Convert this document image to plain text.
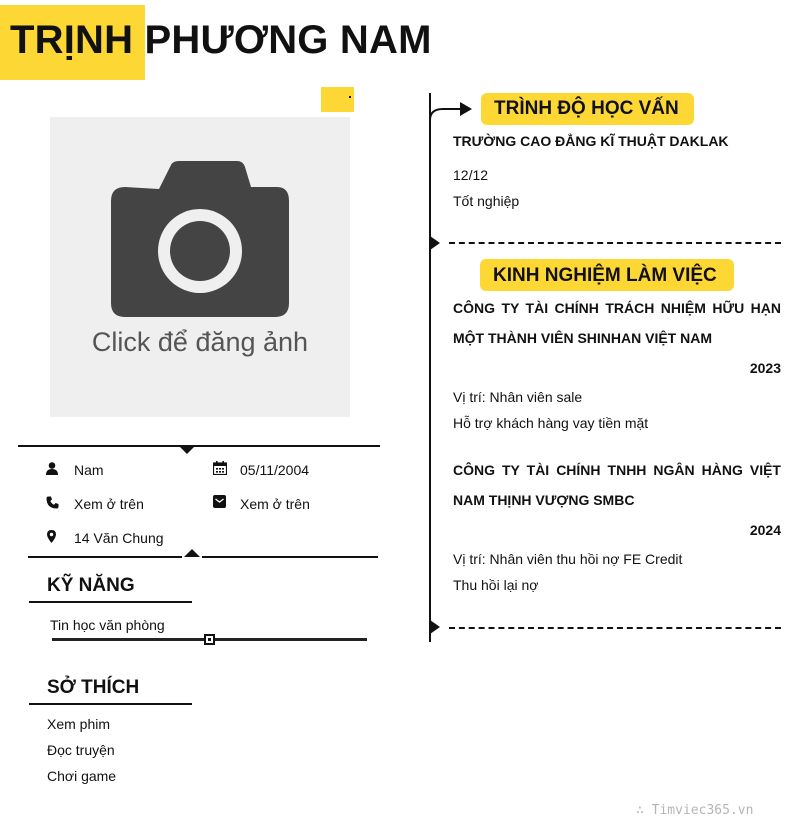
TRỊNH PHƯƠNG NAM
Click để đăng ảnh
Nam	05/11/2004
Xem ở trên	Xem ở trên
14 Văn Chung
KỸ NĂNG
Tin học văn phòng
SỞ THÍCH
Xem phim
Đọc truyện
Chơi game
TRÌNH ĐỘ HỌC VẤN
TRƯỜNG CAO ĐẲNG KĨ THUẬT DAKLAK
12/12
Tốt nghiệp
KINH NGHIỆM LÀM VIỆC
CÔNG TY TÀI CHÍNH TRÁCH NHIỆM HỮU HẠN
MỘT THÀNH VIÊN SHINHAN VIỆT NAM
2023
Vị trí: Nhân viên sale
Hỗ trợ khách hàng vay tiền mặt
CÔNG TY TÀI CHÍNH TNHH NGÂN HÀNG VIỆT
NAM THỊNH VƯỢNG SMBC
2024
Vị trí: Nhân viên thu hồi nợ FE Credit
Thu hồi lại nợ
∴ Timviec365.vn
